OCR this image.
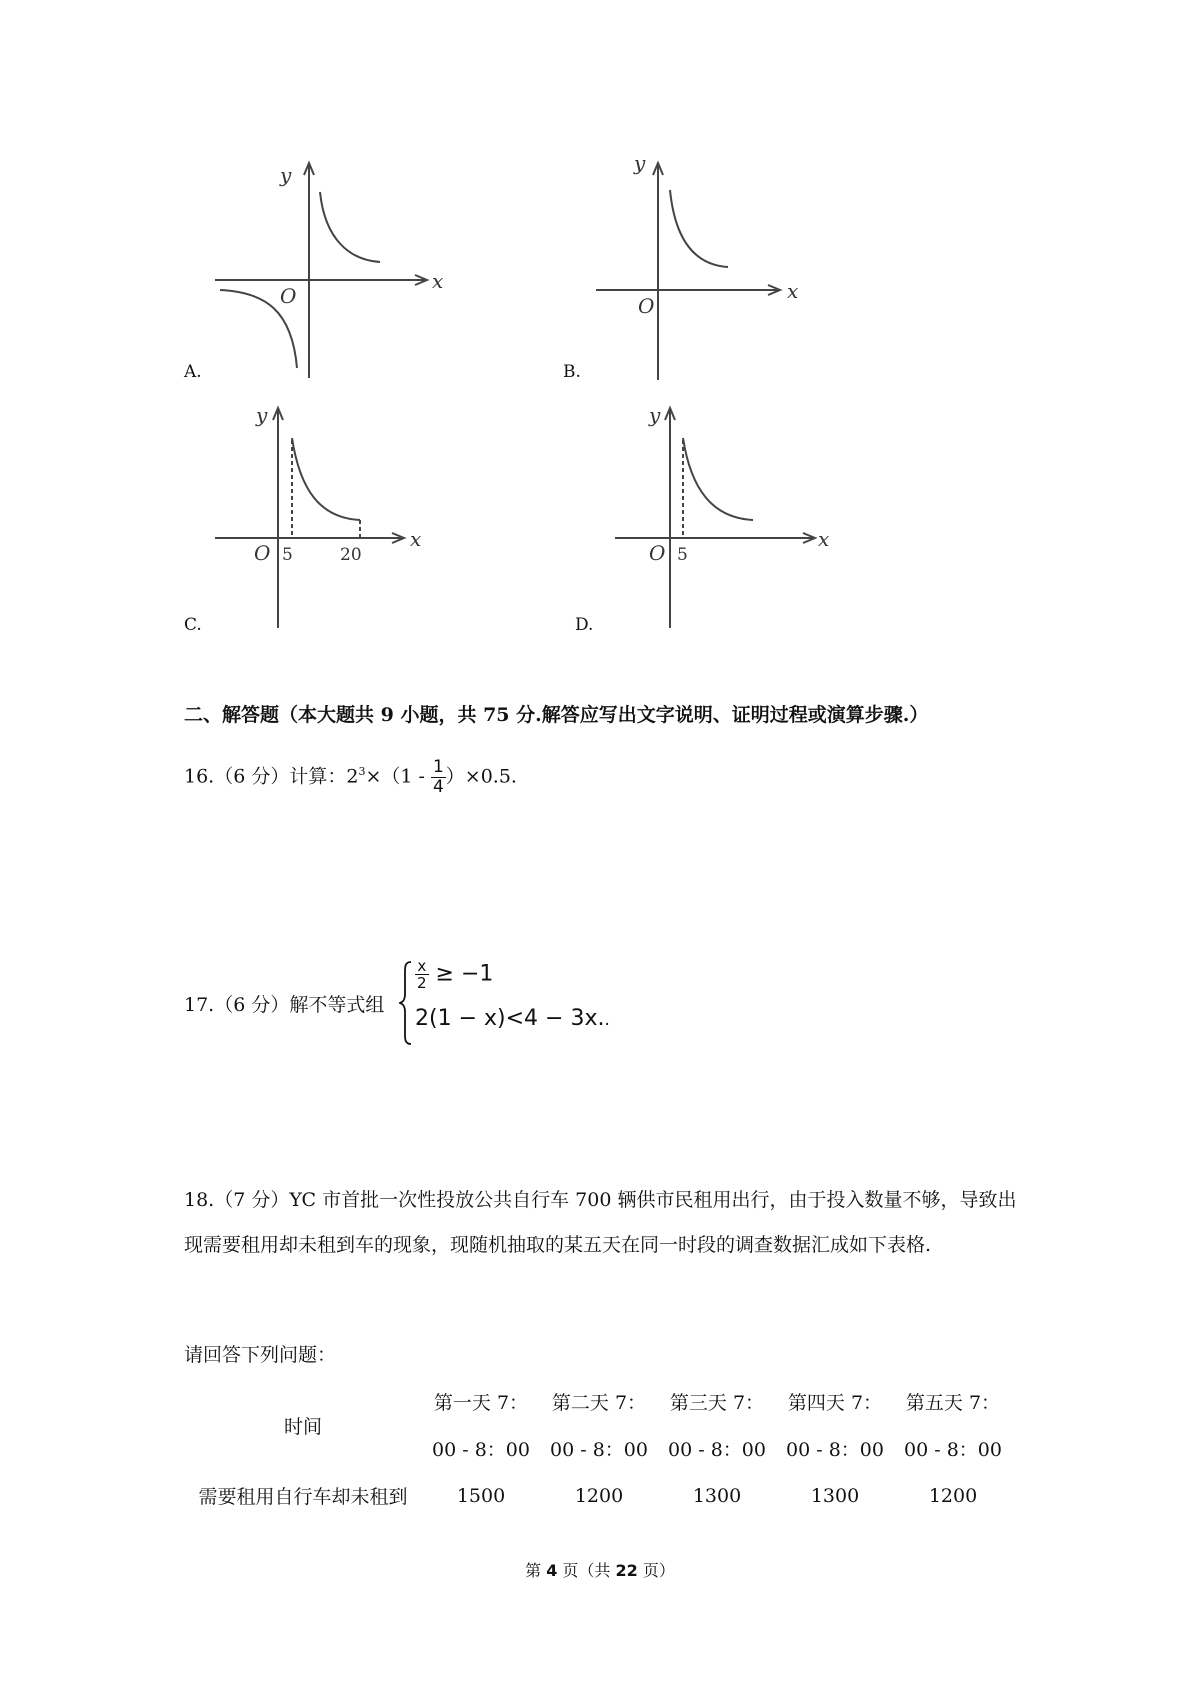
y
x
O
A.
y
x
O
B.
y
x
O 5	20
C.
y
x
O 5
D.
二、解答题（本大题共 9 小题，共 75 分.解答应写出文字说明、证明过程或演算步骤.）
16.（6 分）计算：$2^3\times(1 - \frac{1}{4} )\times 0.5$.
17.（6 分）解不等式组
$\frac{x}{2} \ge -1$
2(1 − x)<4 − 3x..
18.（7 分）YC 市首批一次性投放公共自行车 700 辆供市民租用出行，由于投入数量不够，导致出现需要租用却未租到车的现象，现随机抽取的某五天在同一时段的调查数据汇成如下表格.
请回答下列问题：
时间	第一天 7：	第二天 7：	第三天 7：	第四天 7：	第五天 7：
	00 - 8：00	00 - 8：00	00 - 8：00	00 - 8：00	00 - 8：00
需要租用自行车却未租到	1500	1200	1300	1300	1200
第 4 页（共 22 页）
